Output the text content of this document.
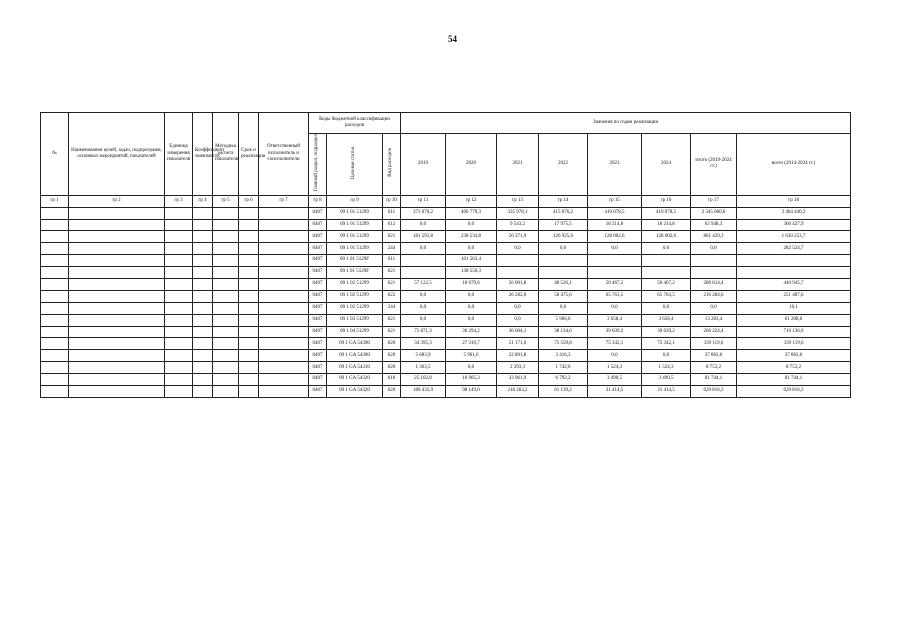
54
№	Наименования целей, задач, подпрограмм, основных мероприятий, показателей	Единица измерения показателя	Коэффициент значимости	Методика расчета показателя	Срок и реализации	Ответственный исполнитель и соисполнители	Коды бюджетной классификации расходов			Значения по годам реализации							
							Главный раздел, подраздел	Целевая статья	Вид расходов	2019	2020	2021	2022	2023	2024	итого (2019-2024 гг.)	всего (2014-2024 гг.)
гр 1	гр 2	гр 3	гр 4	гр 5	гр 6	гр 7	гр 8	гр 9	гр 10	гр 11	гр 12	гр 13	гр 14	гр 15	гр 16	гр 17	гр 18
							0407	09 1 01 51299	611	373 070,2	400 779,3	335 978,1	415 076,2	410 078,5	410 078,5	2 345 060,8	3 404 440,2
							0407	09 1 01 51299	612	0,0	0,0	9 543,2	17 975,5	18 214,8	18 214,8	63 948,3	360 427,9
							0407	09 1 01 51299	621	181 591,8	238 534,8	56 371,9	126 925,6	128 002,6	128 002,6	861 429,3	1 630 253,7
							0407	09 1 01 51299	244	0,0	0,0	0,0	0,0	0,0	0,0	0,0	282 524,7
							0407	09 1 01 5129F	611		101 563,4						
							0407	09 1 01 5129F	621		138 550,3						
							0407	09 1 02 51299	621	57 122,5	18 079,6	56 001,8	48 526,1	50 467,2	50 467,2	280 614,4	440 945,7
							0407	09 1 02 51299	622	0,0	0,0	26 282,0	58 475,6	65 763,5	65 763,5	216 284,6	251 487,6
							0407	09 1 02 51299	244	0,0	0,0	0,0	0,0	0,0	0,0	0,0	16,1
							0407	09 1 03 51299	621	0,0	0,0	0,0	5 966,6	3 658,4	3 658,4	13 283,4	61 208,6
							0407	09 1 04 51299	621	75 871,3	36 294,2	36 604,1	38 134,6	39 639,2	39 639,2	266 224,4	710 136,0
							0407	09 1 GA 54390	620	34 395,3	27 310,7	51 171,6	75 559,8	75 342,1	75 342,1	339 119,6	339 119,6
							0407	09 1 GA 54300	620	5 683,9	5 961,6	22 801,8	3 416,3	0,0	0,0	37 863,6	37 863,6
							0407	09 1 GA 54310	620	1 363,5	0,0	2 393,3	1 742,0	1 524,3	1 524,3	8 753,2	8 753,2
							0407	09 1 GA 54320	610	25 102,8	10 905,3	33 961,9	6 792,2	3 490,5	3 490,5	81 744,1	81 744,1
							0407	09 1 GA 54320	620	189 435,9	98 149,0	218 263,2	61 139,2	31 414,5	31 414,5	629 816,3	629 816,3
